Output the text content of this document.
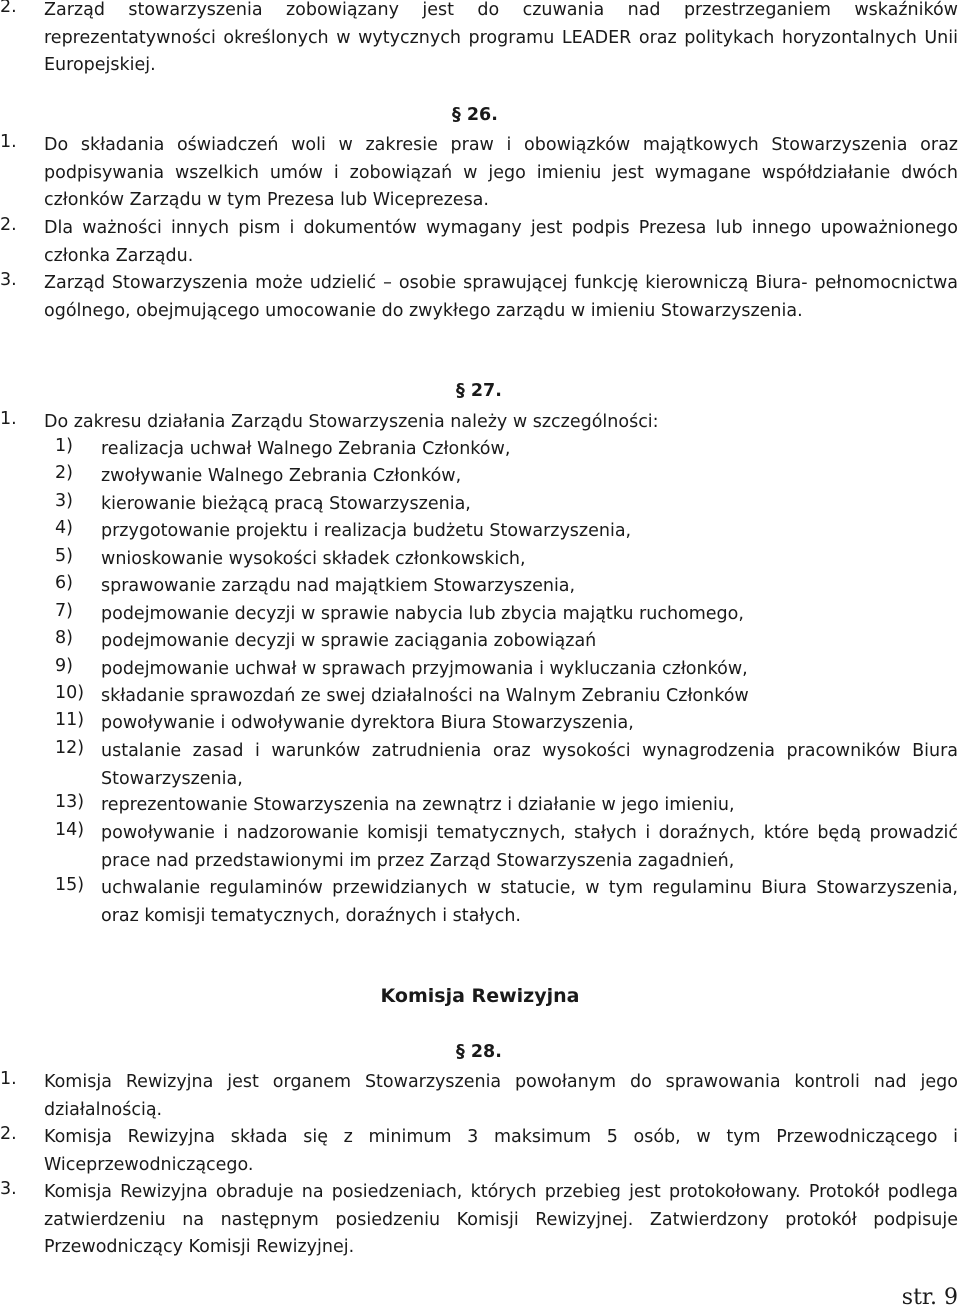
2. Zarząd stowarzyszenia zobowiązany jest do czuwania nad przestrzeganiem wskaźników reprezentatywności określonych w wytycznych programu LEADER oraz politykach horyzontalnych Unii Europejskiej.
§ 26.
1. Do składania oświadczeń woli w zakresie praw i obowiązków majątkowych Stowarzyszenia oraz podpisywania wszelkich umów i zobowiązań w jego imieniu jest wymagane współdziałanie dwóch członków Zarządu w tym Prezesa lub Wiceprezesa.
2. Dla ważności innych pism i dokumentów wymagany jest podpis Prezesa lub innego upoważnionego członka Zarządu.
3. Zarząd Stowarzyszenia może udzielić – osobie sprawującej funkcję kierowniczą Biura- pełnomocnictwa ogólnego, obejmującego umocowanie do zwykłego zarządu w imieniu Stowarzyszenia.
§ 27.
1. Do zakresu działania Zarządu Stowarzyszenia należy w szczególności:
1) realizacja uchwał Walnego Zebrania Członków,
2) zwoływanie Walnego Zebrania Członków,
3) kierowanie bieżącą pracą Stowarzyszenia,
4) przygotowanie projektu i realizacja budżetu Stowarzyszenia,
5) wnioskowanie wysokości składek członkowskich,
6) sprawowanie zarządu nad majątkiem Stowarzyszenia,
7) podejmowanie decyzji w sprawie nabycia lub zbycia majątku ruchomego,
8) podejmowanie decyzji w sprawie zaciągania zobowiązań
9) podejmowanie uchwał w sprawach przyjmowania i wykluczania członków,
10) składanie sprawozdań ze swej działalności na Walnym Zebraniu Członków
11) powoływanie i odwoływanie dyrektora Biura Stowarzyszenia,
12) ustalanie zasad i warunków zatrudnienia oraz wysokości wynagrodzenia pracowników Biura Stowarzyszenia,
13) reprezentowanie Stowarzyszenia na zewnątrz i działanie w jego imieniu,
14) powoływanie i nadzorowanie komisji tematycznych, stałych i doraźnych, które będą prowadzić prace nad przedstawionymi im przez Zarząd Stowarzyszenia zagadnień,
15) uchwalanie regulaminów przewidzianych w statucie, w tym regulaminu Biura Stowarzyszenia, oraz komisji tematycznych, doraźnych i stałych.
Komisja Rewizyjna
§ 28.
1. Komisja Rewizyjna jest organem Stowarzyszenia powołanym do sprawowania kontroli nad jego działalnością.
2. Komisja Rewizyjna składa się z minimum 3 maksimum 5 osób, w tym Przewodniczącego i Wiceprzewodniczącego.
3. Komisja Rewizyjna obraduje na posiedzeniach, których przebieg jest protokołowany. Protokół podlega zatwierdzeniu na następnym posiedzeniu Komisji Rewizyjnej. Zatwierdzony protokół podpisuje Przewodniczący Komisji Rewizyjnej.
str. 9
